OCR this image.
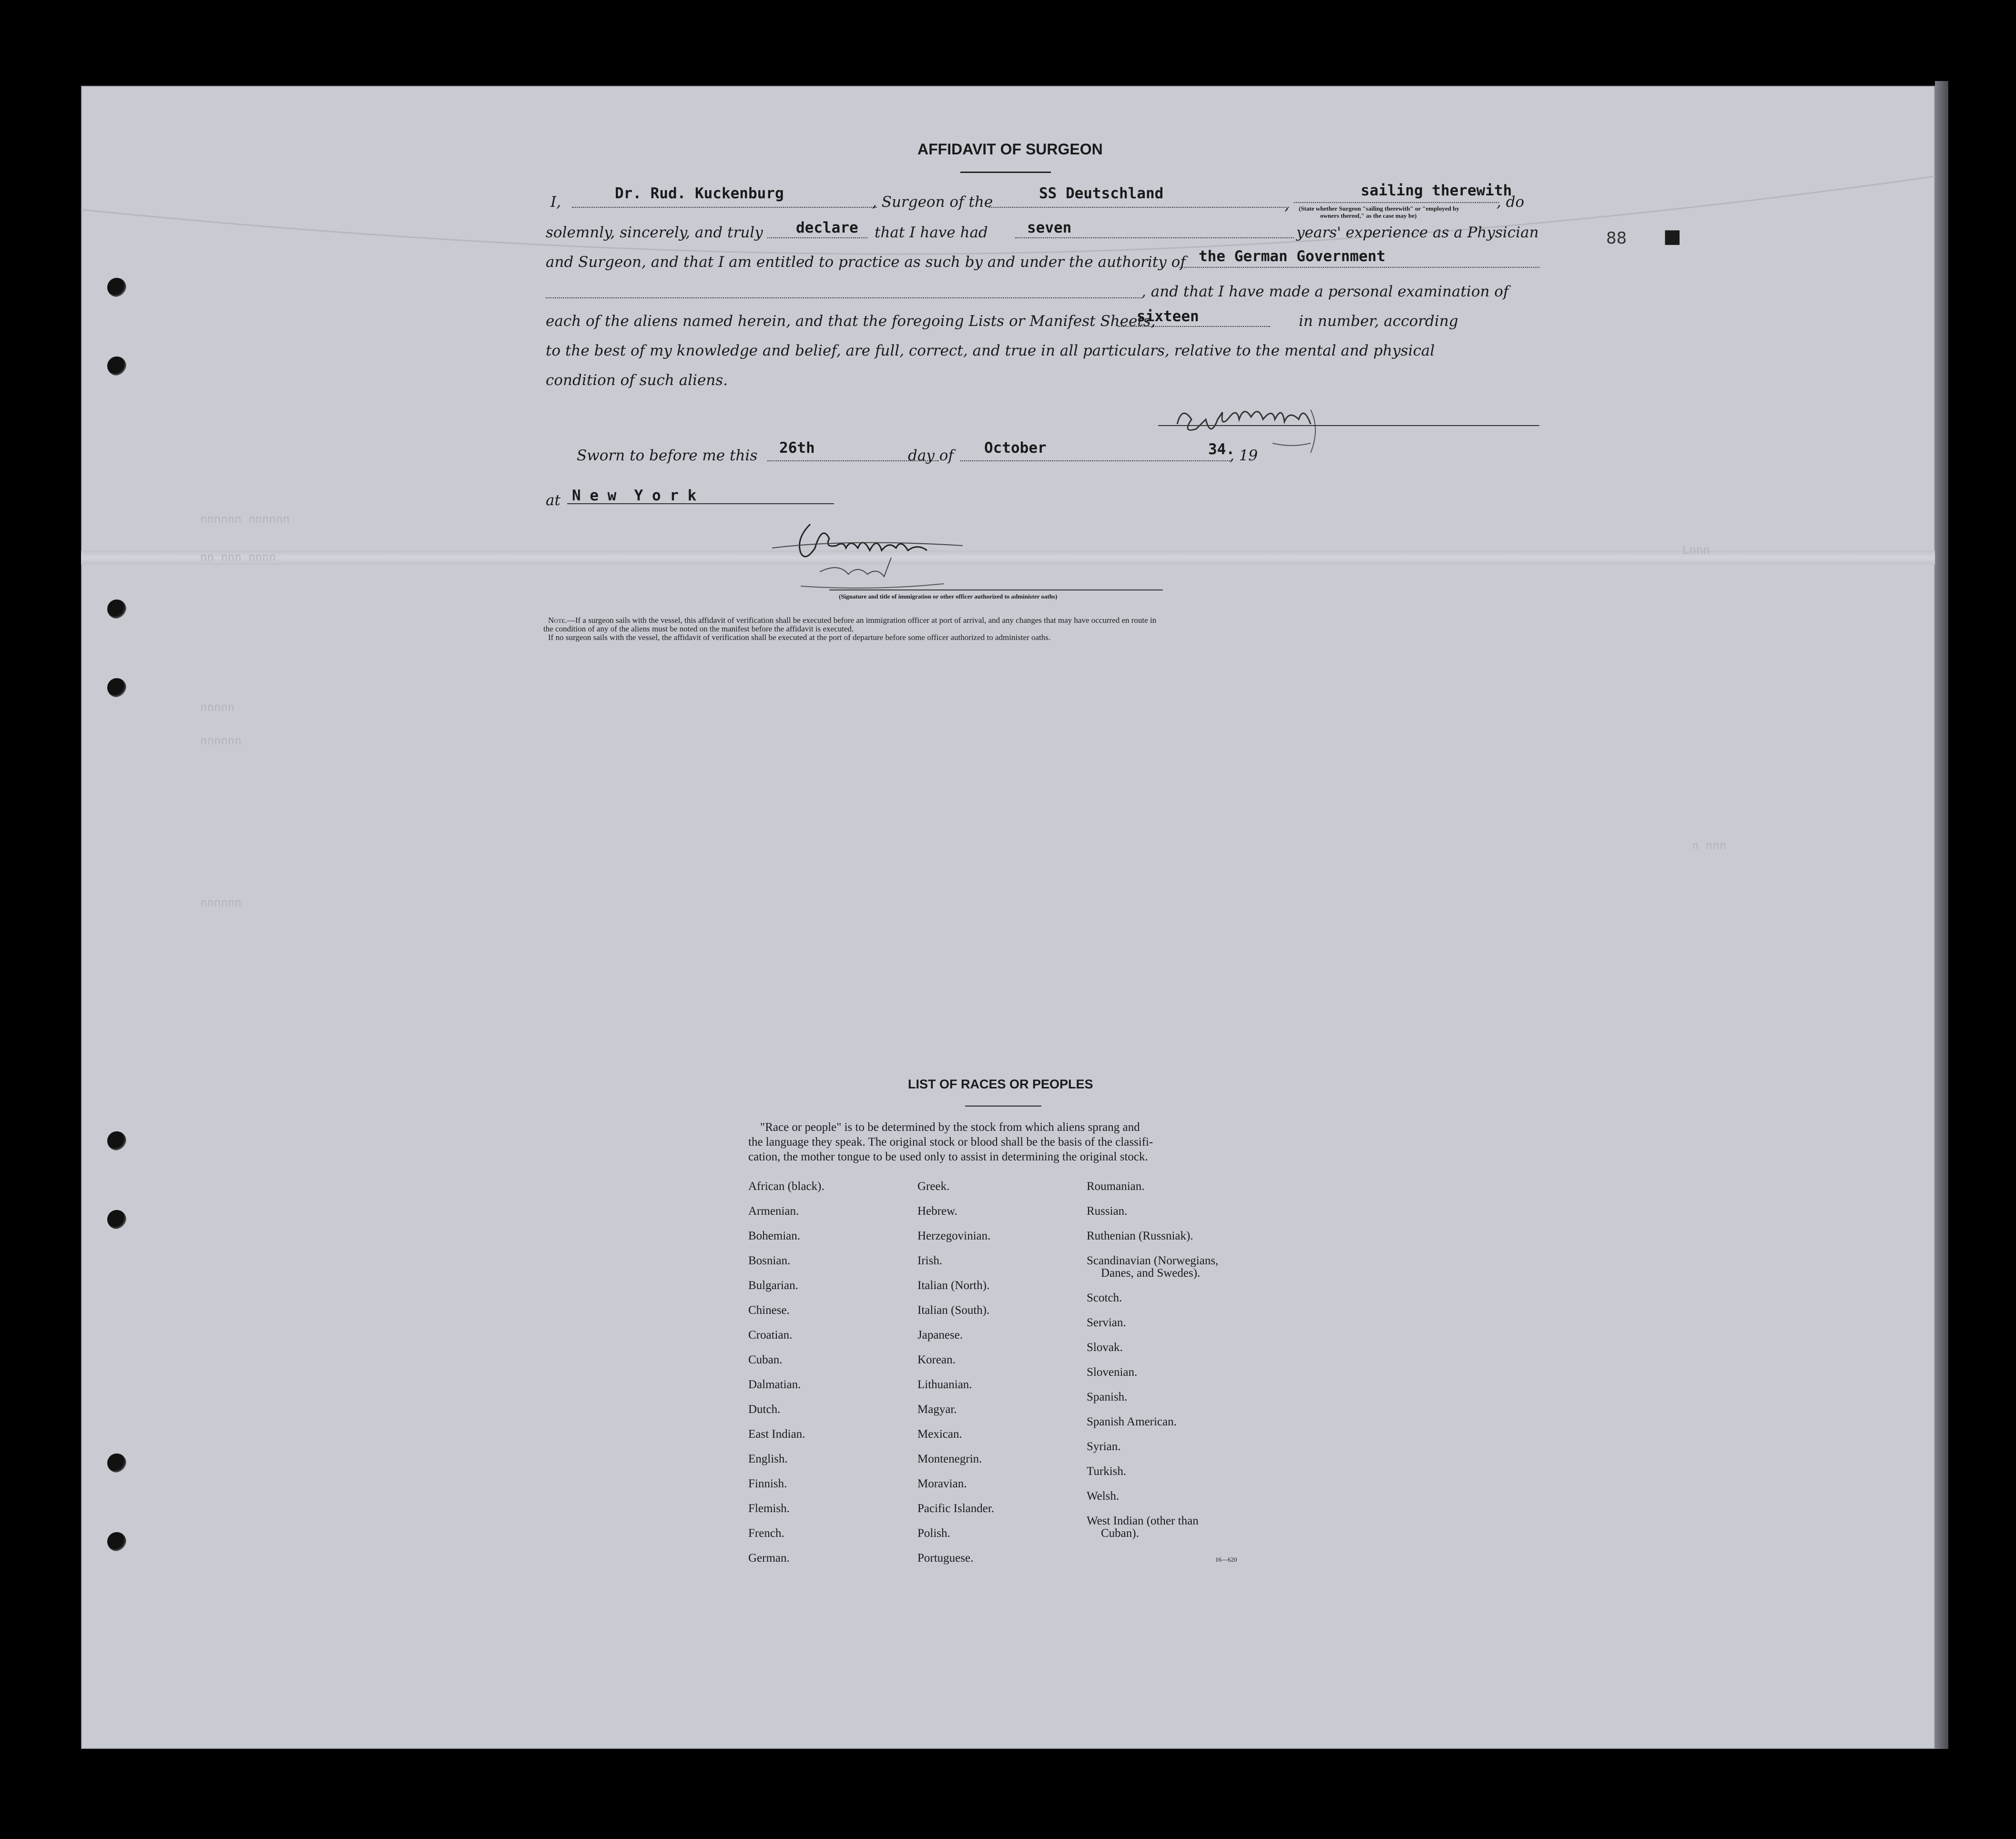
nnnnnn nnnnnn
nn nnn nnnn
Lnnn
nnnnn
nnnnnn
n nnn
nnnnnn
AFFIDAVIT OF SURGEON
88 ■
I,	Dr. Rud. Kuckenburg	, Surgeon of the	SS Deutschland
,
sailing therewith
, do
(State whether Surgeon "sailing therewith" or "employed by
owners thereof," as the case may be)
solemnly, sincerely, and truly declare that I have had	seven	years' experience as a Physician
and Surgeon, and that I am entitled to practice as such by and under the authority of the German Government
, and that I have made a personal examination of
each of the aliens named herein, and that the foregoing Lists or Manifest Sheets,
sixteen	in number, according
to the best of my knowledge and belief, are full, correct, and true in all particulars, relative to the mental and physical
condition of such aliens.
Sworn to before me this 26th	day of October	, 19
34.
at N e w  Y o r k
(Signature and title of immigration or other officer authorized to administer oaths)
Note.—If a surgeon sails with the vessel, this affidavit of verification shall be executed before an immigration officer at port of arrival, and any changes that may have occurred en route in
the condition of any of the aliens must be noted on the manifest before the affidavit is executed.
If no surgeon sails with the vessel, the affidavit of verification shall be executed at the port of departure before some officer authorized to administer oaths.
LIST OF RACES OR PEOPLES
"Race or people" is to be determined by the stock from which aliens sprang and
the language they speak. The original stock or blood shall be the basis of the classifi-
cation, the mother tongue to be used only to assist in determining the original stock.
African (black).
Armenian.
Bohemian.
Bosnian.
Bulgarian.
Chinese.
Croatian.
Cuban.
Dalmatian.
Dutch.
East Indian.
English.
Finnish.
Flemish.
French.
German.
Greek.
Hebrew.
Herzegovinian.
Irish.
Italian (North).
Italian (South).
Japanese.
Korean.
Lithuanian.
Magyar.
Mexican.
Montenegrin.
Moravian.
Pacific Islander.
Polish.
Portuguese.
Roumanian.
Russian.
Ruthenian (Russniak).
Scandinavian (Norwegians,
Danes, and Swedes).
Scotch.
Servian.
Slovak.
Slovenian.
Spanish.
Spanish American.
Syrian.
Turkish.
Welsh.
West Indian (other than
Cuban).
16—620
